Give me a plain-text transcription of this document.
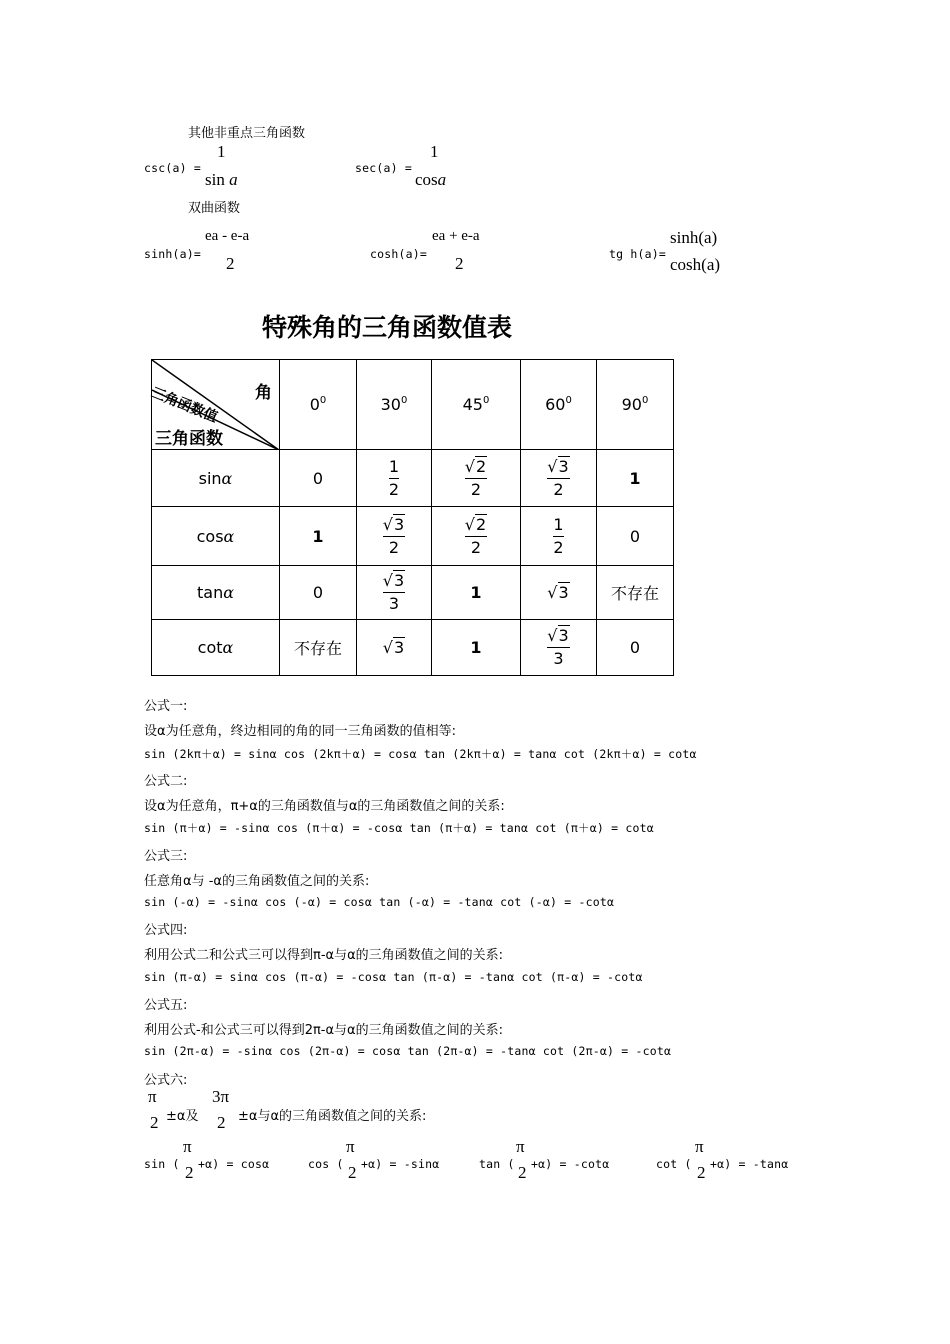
其他非重点三角函数
csc(a) =
1
sin a
sec(a) =
1
cosa
双曲函数
sinh(a)=
ea - e-a
2	cosh(a)=
ea + e-a
2	tg h(a)=
sinh(a)
cosh(a)
特殊角的三角函数值表
角
三角函数值
三角函数	$0^0$	$30^0$	$45^0$	$60^0$	$90^0$
sinα	0	$\frac{1}{2}$	$\frac{√2}{2}$	$\frac{√3}{2}$	1
cosα	1	$\frac{√3}{2}$	$\frac{√2}{2}$	$\frac{1}{2}$	0
tanα	0	$\frac{√3}{3}$	1	√3	不存在
cotα	不存在	√3	1	$\frac{√3}{3}$	0
公式一:
设α为任意角，终边相同的角的同一三角函数的值相等:
sin (2kπ＋α) = sinα cos (2kπ＋α) = cosα tan (2kπ＋α) = tanα cot (2kπ＋α) = cotα
公式二:
设α为任意角，π+α的三角函数值与α的三角函数值之间的关系:
sin (π＋α) = -sinα cos (π＋α) = -cosα tan (π＋α) = tanα cot (π＋α) = cotα
公式三:
任意角α与 -α的三角函数值之间的关系:
sin (-α) = -sinα cos (-α) = cosα tan (-α) = -tanα cot (-α) = -cotα
公式四:
利用公式二和公式三可以得到π-α与α的三角函数值之间的关系:
sin (π-α) = sinα cos (π-α) = -cosα tan (π-α) = -tanα cot (π-α) = -cotα
公式五:
利用公式-和公式三可以得到2π-α与α的三角函数值之间的关系:
sin (2π-α) = -sinα cos (2π-α) = cosα tan (2π-α) = -tanα cot (2π-α) = -cotα
公式六:
π
2 ±α及
3π
2 ±α与α的三角函数值之间的关系:
sin (
π
2 +α) = cosα	cos (
π
2 +α) = -sinα	tan (
π
2 +α) = -cotα	cot (
π
2 +α) = -tanα
